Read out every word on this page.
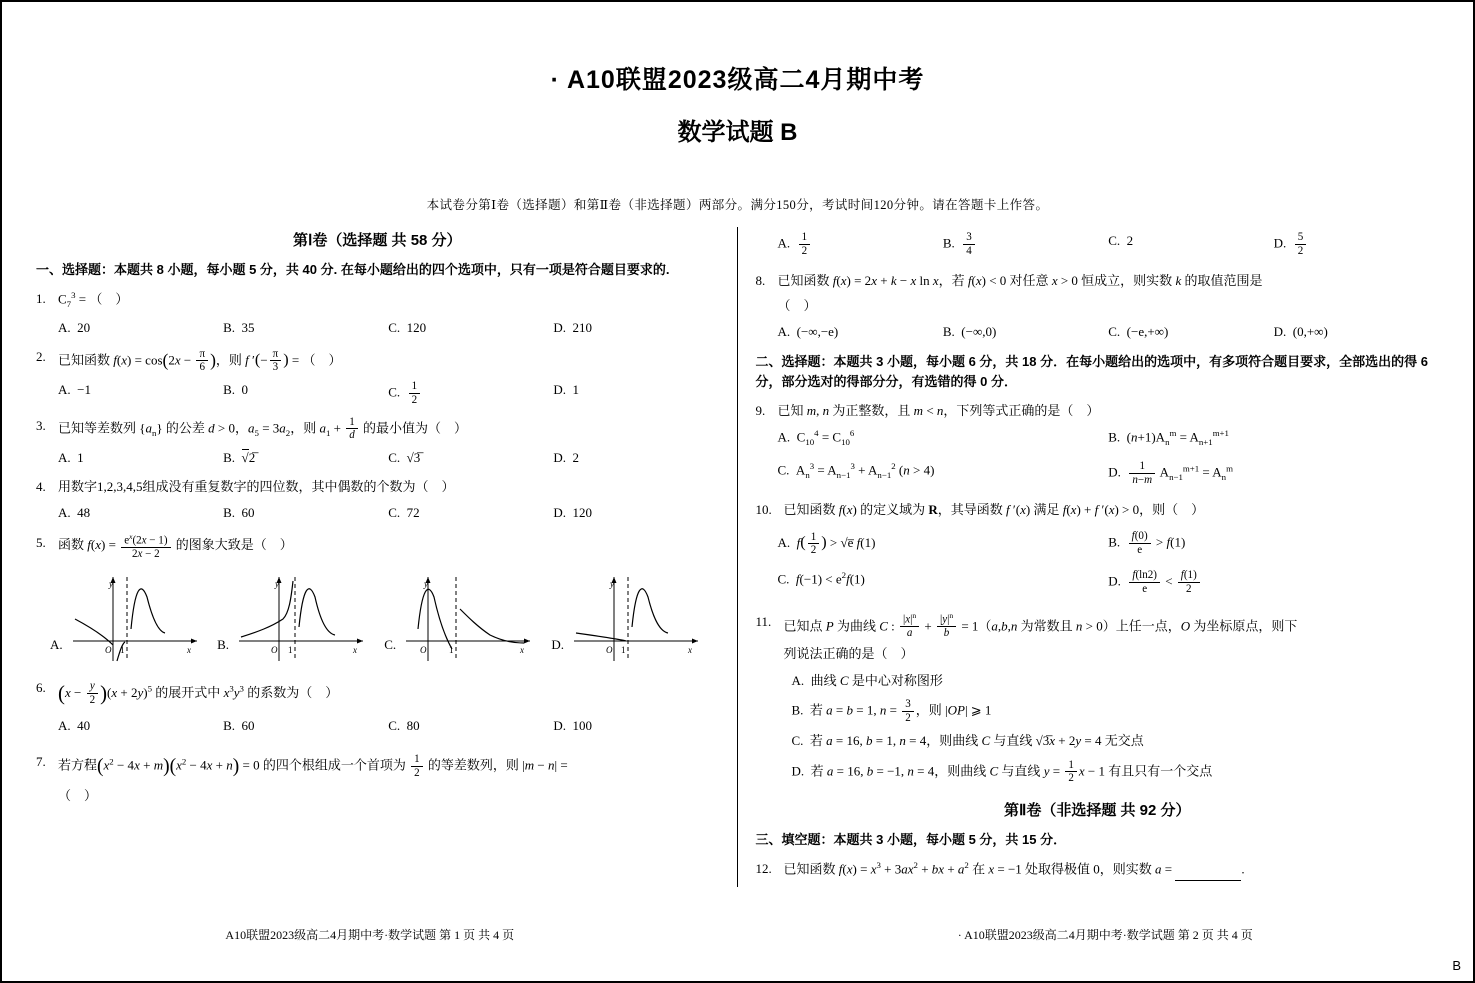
· A10联盟2023级高二4月期中考
数学试题 B
本试卷分第Ⅰ卷（选择题）和第Ⅱ卷（非选择题）两部分。满分150分，考试时间120分钟。请在答题卡上作答。
第Ⅰ卷（选择题 共 58 分）
一、选择题：本题共 8 小题，每小题 5 分，共 40 分. 在每小题给出的四个选项中，只有一项是符合题目要求的.
1. $C_7^3$ = （    ）
A.  20	B.  35	C.  120	D.  210
2. 已知函数 $f(x) = \cos(2x - \frac{\pi}{6}$ )，则 f ′(− $\frac{\pi}{3}$ ) = （    ）
A.  −1	B.  0	C. $\frac{1}{2}$	D.  1
3. 已知等差数列 $\{a_n\}$ 的公差 d > 0，$a_5 = 3a_2$，则 $a_1 + \frac{1}{d}$ 的最小值为（    ）
A.  1	B.  √2̅	C.  √3̅	D.  2
4. 用数字1,2,3,4,5组成没有重复数字的四位数，其中偶数的个数为（    ）
A.  48	B.  60	C.  72	D.  120
5. 函数 $f(x) = \frac{e^x(2x - 1)}{2x - 2}$ 的图象大致是（    ）
A.
y
x
O 1	B.
y
x
O 1	C.
y
x
O	1	D.
y
x
O 1
6. $(x - \frac{y}{2} )(x + 2y)^5$ 的展开式中 $x^3y^3$ 的系数为（    ）
A.  40	B.  60	C.  80	D.  100
7. 若方程$(x^2 - 4x + m)(x^2 - 4x + n) = 0$ 的四个根组成一个首项为 $\frac{1}{2}$ 的等差数列，则 |m − n| =
（    ）
A. $\frac{1}{2}$	B. $\frac{3}{4}$	C.  2	D. $\frac{5}{2}$
8. 已知函数 f(x) = 2x + k − x ln x，若 f(x) < 0 对任意 x > 0 恒成立，则实数 k 的取值范围是
（    ）
A.  (−∞,−e)	B.  (−∞,0)	C.  (−e,+∞)	D.  (0,+∞)
二、选择题：本题共 3 小题，每小题 6 分，共 18 分．在每小题给出的选项中，有多项符合题目要求，全部选出的得 6 分，部分选对的得部分分，有选错的得 0 分．
9. 已知 m, n 为正整数，且 m < n，下列等式正确的是（    ）
A.  $C_{10}^4 = C_{10}^6$	B.  $(n+1)A_n^m = A_{n+1}^{m+1}$
C.  $A_n^3 = A_{n-1}^3 + A_{n-1}^2$ (n > 4)	D. $\frac{1}{n-m} A_{n-1}^{m+1} = A_n^m$
10. 已知函数 f(x) 的定义域为 R，其导函数 f ′(x) 满足 f(x) + f ′(x) > 0，则（    ）
A.  $f( \frac{1}{2}$ ) > √e̅ f(1)	B. $\frac{f(0)}{e} > f(1)$
C.  $f(-1) < e^2f(1)$	D. $\frac{f(\ln 2)}{e} < \frac{f(1)}{2}$
11. 已知点 P 为曲线 C : $\frac{|x|^n}{a} + \frac{|y|^n}{b} = 1(a,b,n$ 为常数且 n > 0）上任一点，O 为坐标原点，则下
列说法正确的是（    ）
A.  曲线 C 是中心对称图形
B.  若 a = b = 1, $n = \frac{3}{2}$ ，则 |OP| ⩾ 1
C.  若 a = 16, b = 1, n = 4，则曲线 C 与直线 √3̅x + 2y = 4 无交点
D.  若 a = 16, b = −1, n = 4，则曲线 C 与直线 $y = \frac{1}{2}$ x − 1 有且只有一个交点
第Ⅱ卷（非选择题 共 92 分）
三、填空题：本题共 3 小题，每小题 5 分，共 15 分．
12. 已知函数 $f(x) = x^3 + 3ax^2$ + bx + $a^2$ 在 x = −1 处取得极值 0，则实数 a =	.
A10联盟2023级高二4月期中考·数学试题 第 1 页 共 4 页	· A10联盟2023级高二4月期中考·数学试题 第 2 页 共 4 页
B
